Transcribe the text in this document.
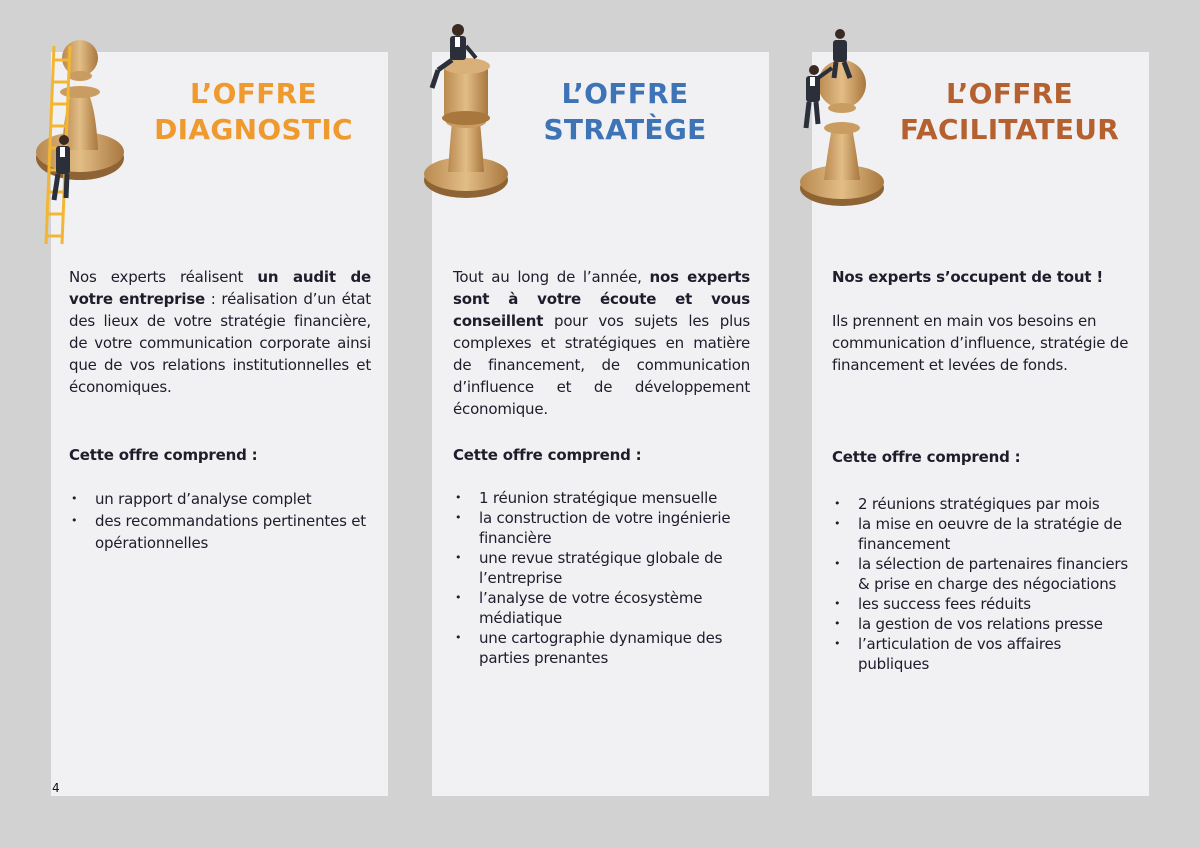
L’OFFRE
DIAGNOSTIC

Nos experts réalisent un audit de votre entreprise : réalisation d’un état des lieux de votre stratégie financière, de votre communication corporate ainsi que de vos relations institutionnelles et économiques.

Cette offre comprend :
• un rapport d’analyse complet
• des recommandations pertinentes et opérationnelles
L’OFFRE
STRATÈGE

Tout au long de l’année, nos experts sont à votre écoute et vous conseillent pour vos sujets les plus complexes et stratégiques en matière de financement, de communication d’influence et de développement économique.

Cette offre comprend :
• 1 réunion stratégique mensuelle
• la construction de votre ingénierie financière
• une revue stratégique globale de l’entreprise
• l’analyse de votre écosystème médiatique
• une cartographie dynamique des parties prenantes
L’OFFRE
FACILITATEUR

Nos experts s’occupent de tout !

Ils prennent en main vos besoins en communication d’influence, stratégie de financement et levées de fonds.

Cette offre comprend :
• 2 réunions stratégiques par mois
• la mise en oeuvre de la stratégie de financement
• la sélection de partenaires financiers & prise en charge des négociations
• les success fees réduits
• la gestion de vos relations presse
• l’articulation de vos affaires publiques
4
